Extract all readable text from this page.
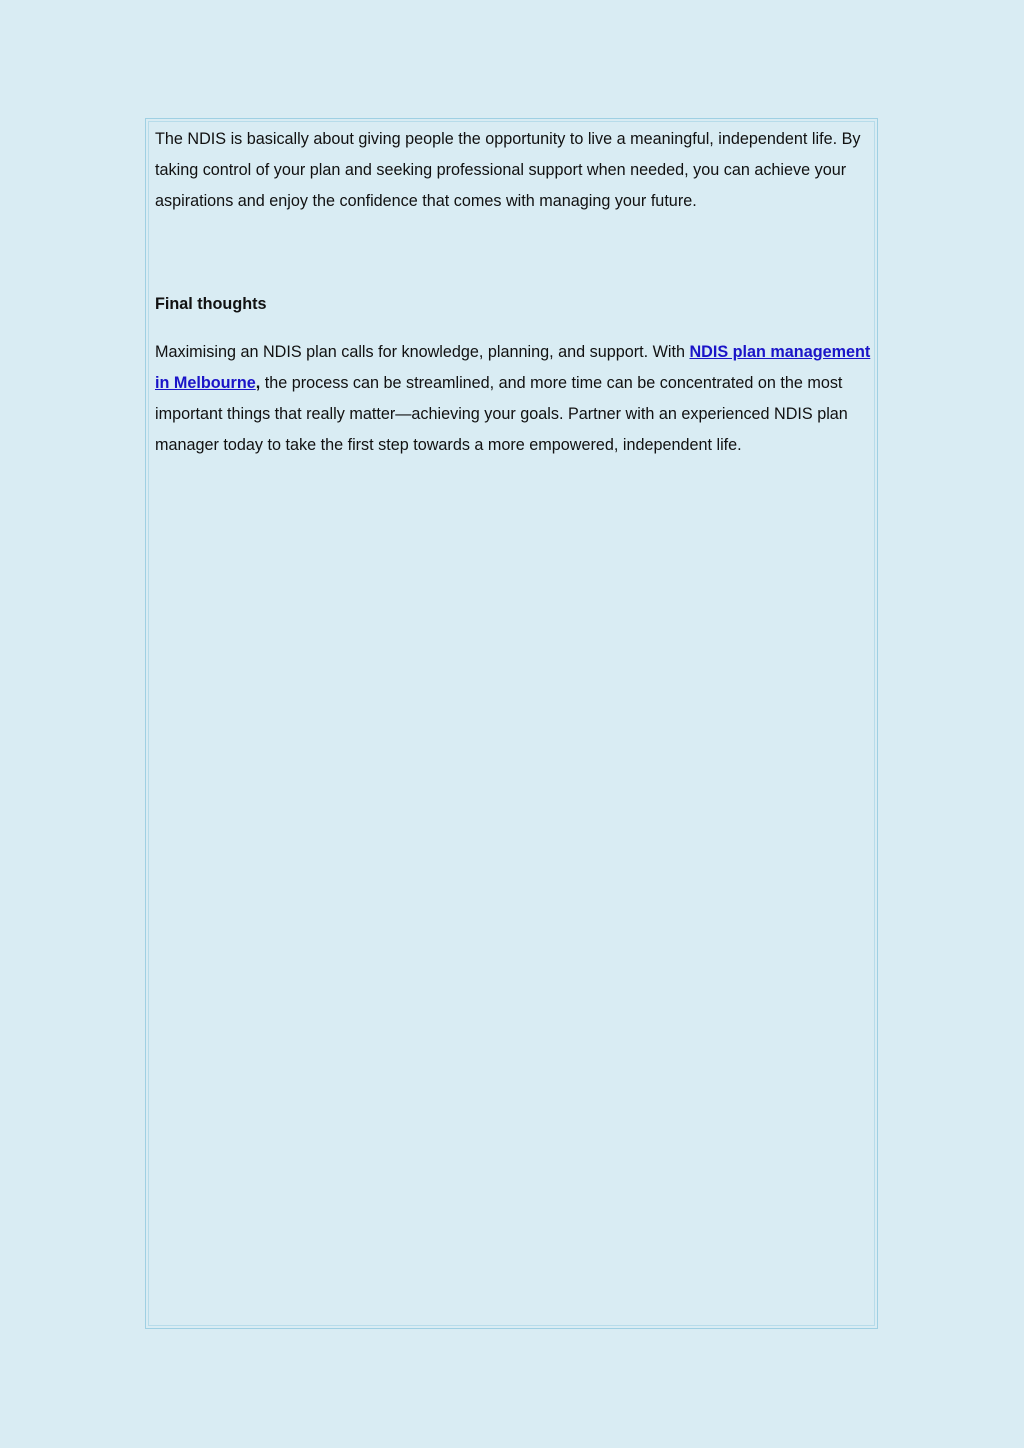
The NDIS is basically about giving people the opportunity to live a meaningful, independent life. By taking control of your plan and seeking professional support when needed, you can achieve your aspirations and enjoy the confidence that comes with managing your future.

Final thoughts

Maximising an NDIS plan calls for knowledge, planning, and support. With NDIS plan management in Melbourne, the process can be streamlined, and more time can be concentrated on the most important things that really matter—achieving your goals. Partner with an experienced NDIS plan manager today to take the first step towards a more empowered, independent life.
